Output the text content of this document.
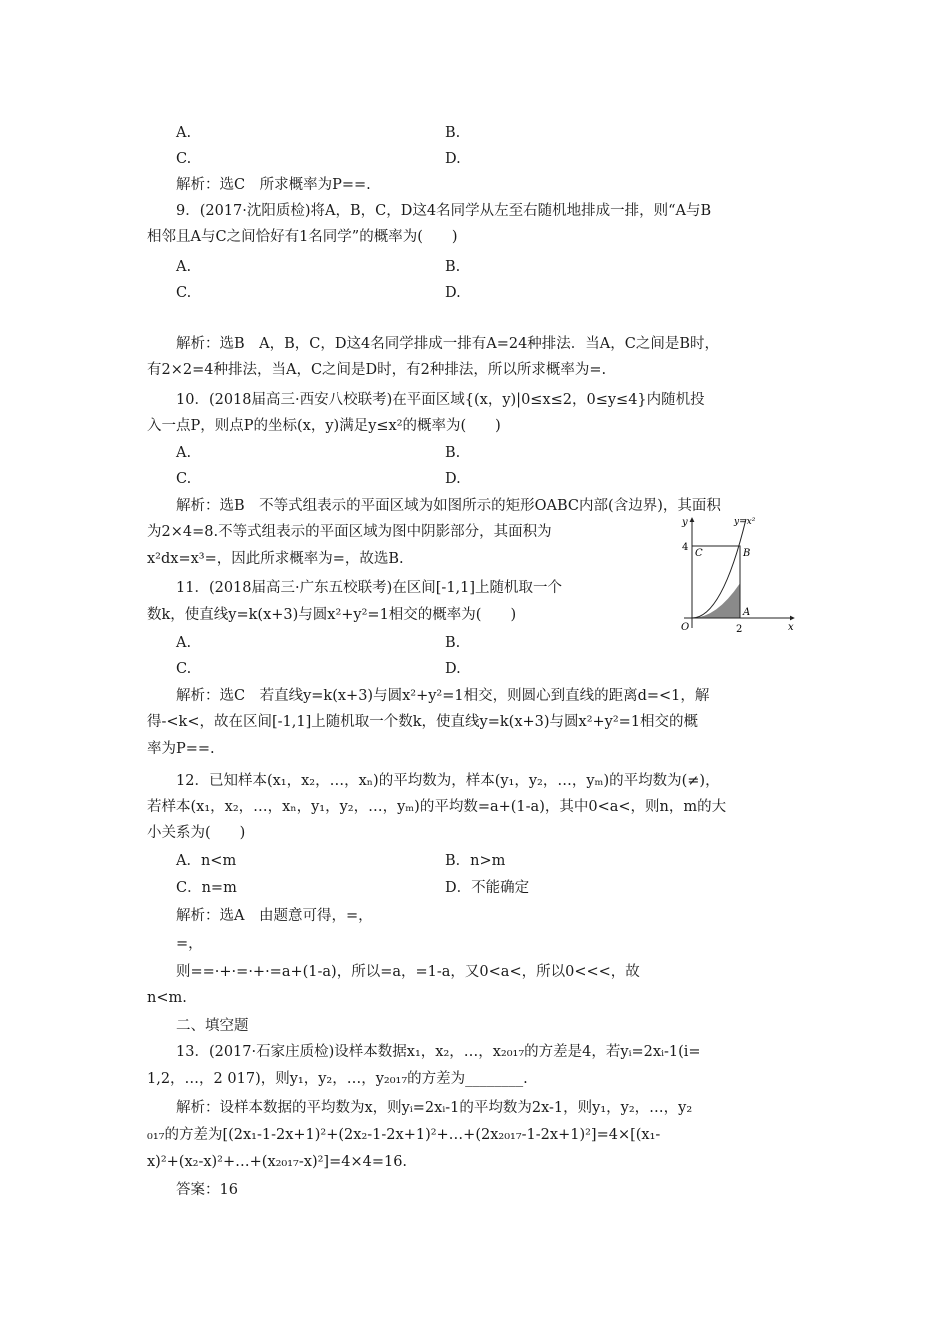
A.	B.
C.	D.
解析：选C　所求概率为P==.
9．(2017·沈阳质检)将A，B，C，D这4名同学从左至右随机地排成一排，则“A与B
相邻且A与C之间恰好有1名同学”的概率为(　　)
A.	B.
C.	D.
解析：选B　A，B，C，D这4名同学排成一排有A=24种排法．当A，C之间是B时，
有2×2=4种排法，当A，C之间是D时，有2种排法，所以所求概率为=.
10．(2018届高三·西安八校联考)在平面区域{(x，y)|0≤x≤2，0≤y≤4}内随机投
入一点P，则点P的坐标(x，y)满足y≤x²的概率为(　　)
A.	B.
C.	D.
解析：选B　不等式组表示的平面区域为如图所示的矩形OABC内部(含边界)，其面积
为2×4=8.不等式组表示的平面区域为图中阴影部分，其面积为
x²dx=x³=，因此所求概率为=，故选B.
11．(2018届高三·广东五校联考)在区间[-1,1]上随机取一个
数k，使直线y=k(x+3)与圆x²+y²=1相交的概率为(　　)
A.	B.
C.	D.
解析：选C　若直线y=k(x+3)与圆x²+y²=1相交，则圆心到直线的距离d=<1，解
得-<k<，故在区间[-1,1]上随机取一个数k，使直线y=k(x+3)与圆x²+y²=1相交的概
率为P==.
12．已知样本(x₁，x₂，…，xₙ)的平均数为，样本(y₁，y₂，…，yₘ)的平均数为(≠)，
若样本(x₁，x₂，…，xₙ，y₁，y₂，…，yₘ)的平均数=a+(1-a)，其中0<a<，则n，m的大
小关系为(　　)
A．n<m	B．n>m
C．n=m	D．不能确定
解析：选A　由题意可得，=，
=，
则==·+·=·+·=a+(1-a)，所以=a，=1-a，又0<a<，所以0<<<，故
n<m.
二、填空题
13．(2017·石家庄质检)设样本数据x₁，x₂，…，x₂₀₁₇的方差是4，若yᵢ=2xᵢ-1(i=
1,2，…，2 017)，则y₁，y₂，…，y₂₀₁₇的方差为________.
解析：设样本数据的平均数为x，则yᵢ=2xᵢ-1的平均数为2x-1，则y₁，y₂，…，y₂
₀₁₇的方差为[(2x₁-1-2x+1)²+(2x₂-1-2x+1)²+…+(2x₂₀₁₇-1-2x+1)²]=4×[(x₁-
x)²+(x₂-x)²+…+(x₂₀₁₇-x)²]=4×4=16.
答案：16
y
x
y=x²
4
C	B
A
O	2
